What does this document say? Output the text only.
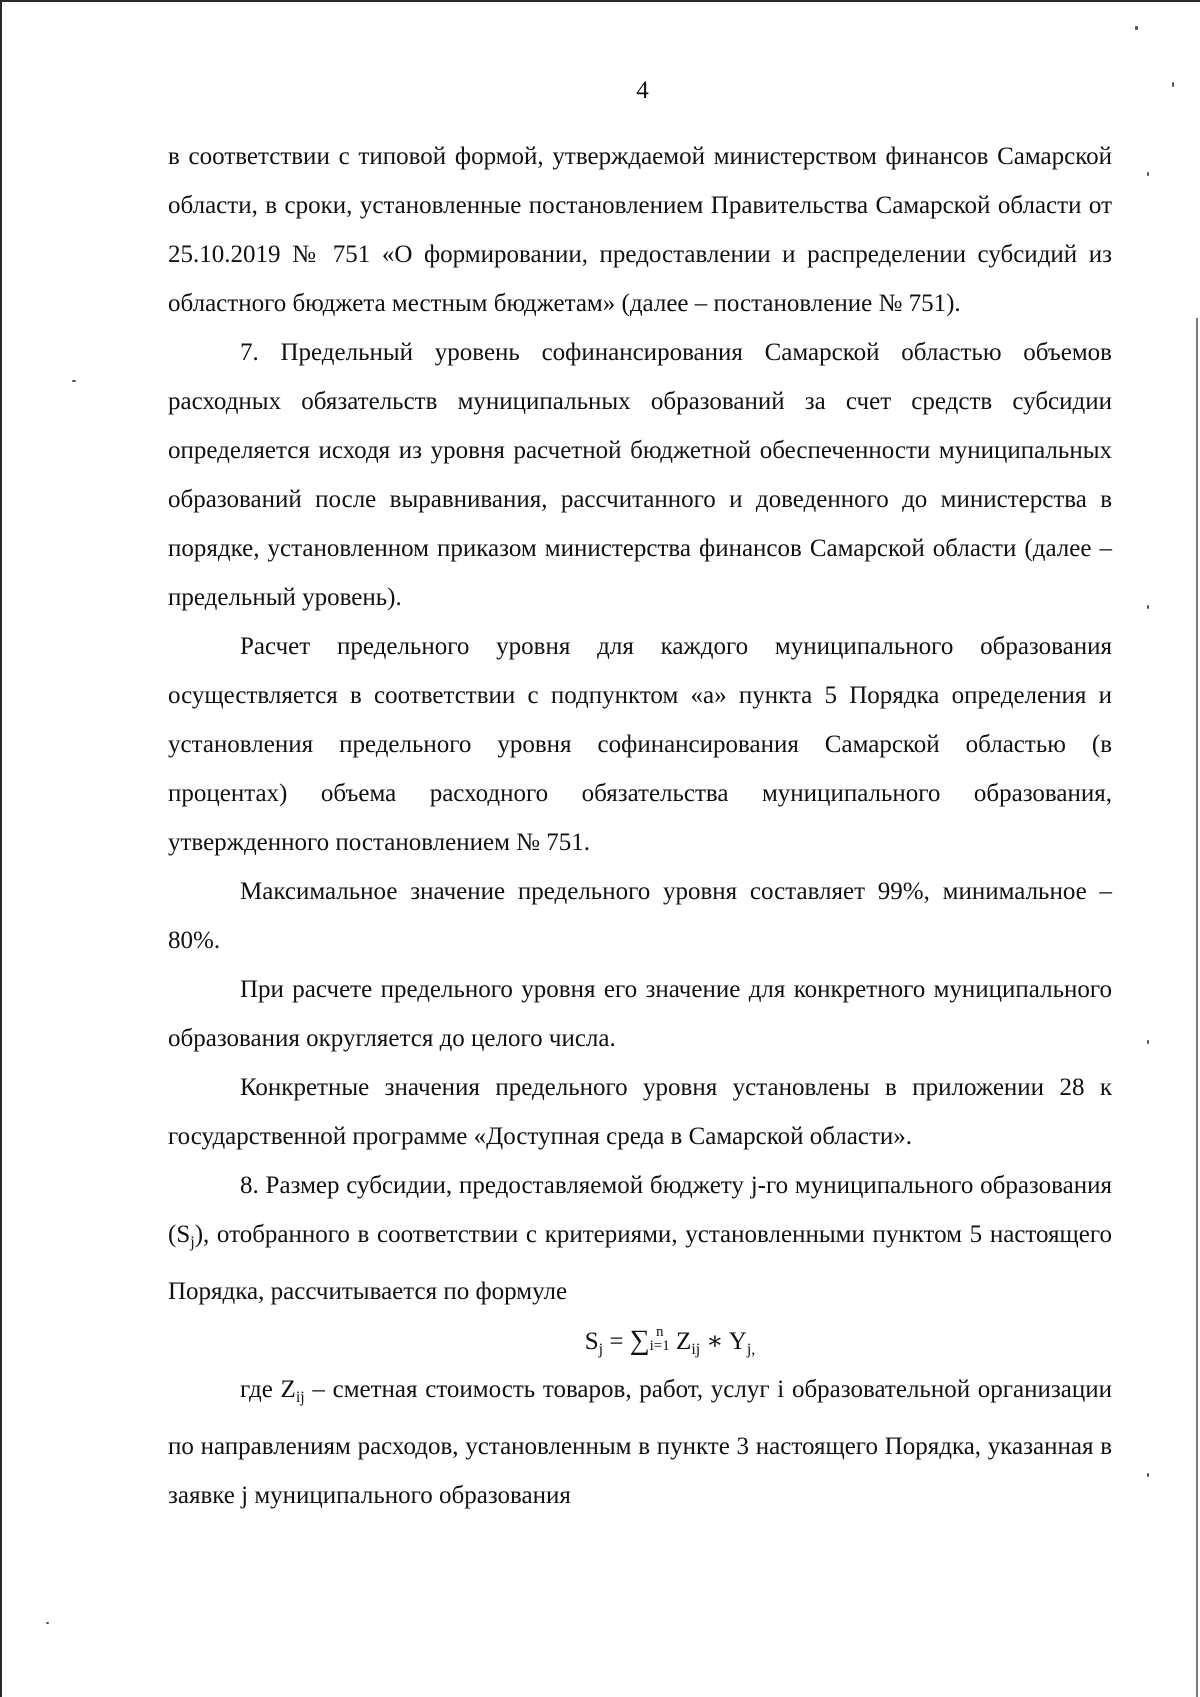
4

в соответствии с типовой формой, утверждаемой министерством финансов Самарской области, в сроки, установленные постановлением Правительства Самарской области от 25.10.2019 № 751 «О формировании, предоставлении и распределении субсидий из областного бюджета местным бюджетам» (далее – постановление № 751).

7. Предельный уровень софинансирования Самарской областью объемов расходных обязательств муниципальных образований за счет средств субсидии определяется исходя из уровня расчетной бюджетной обеспеченности муниципальных образований после выравнивания, рассчитанного и доведенного до министерства в порядке, установленном приказом министерства финансов Самарской области (далее – предельный уровень).

Расчет предельного уровня для каждого муниципального образования осуществляется в соответствии с подпунктом «а» пункта 5 Порядка определения и установления предельного уровня софинансирования Самарской областью (в процентах) объема расходного обязательства муниципального образования, утвержденного постановлением № 751.

Максимальное значение предельного уровня составляет 99%, минимальное – 80%.

При расчете предельного уровня его значение для конкретного муниципального образования округляется до целого числа.

Конкретные значения предельного уровня установлены в приложении 28 к государственной программе «Доступная среда в Самарской области».

8. Размер субсидии, предоставляемой бюджету j-го муниципального образования $(S_j)$, отобранного в соответствии с критериями, установленными пунктом 5 настоящего Порядка, рассчитывается по формуле

$S_j$ = ∑ n
i=1 $Z_{ij}$ ∗ $Y_{j,}$

где $Z_{ij}$ – сметная стоимость товаров, работ, услуг i образовательной организации по направлениям расходов, установленным в пункте 3 настоящего Порядка, указанная в заявке j муниципального образования
